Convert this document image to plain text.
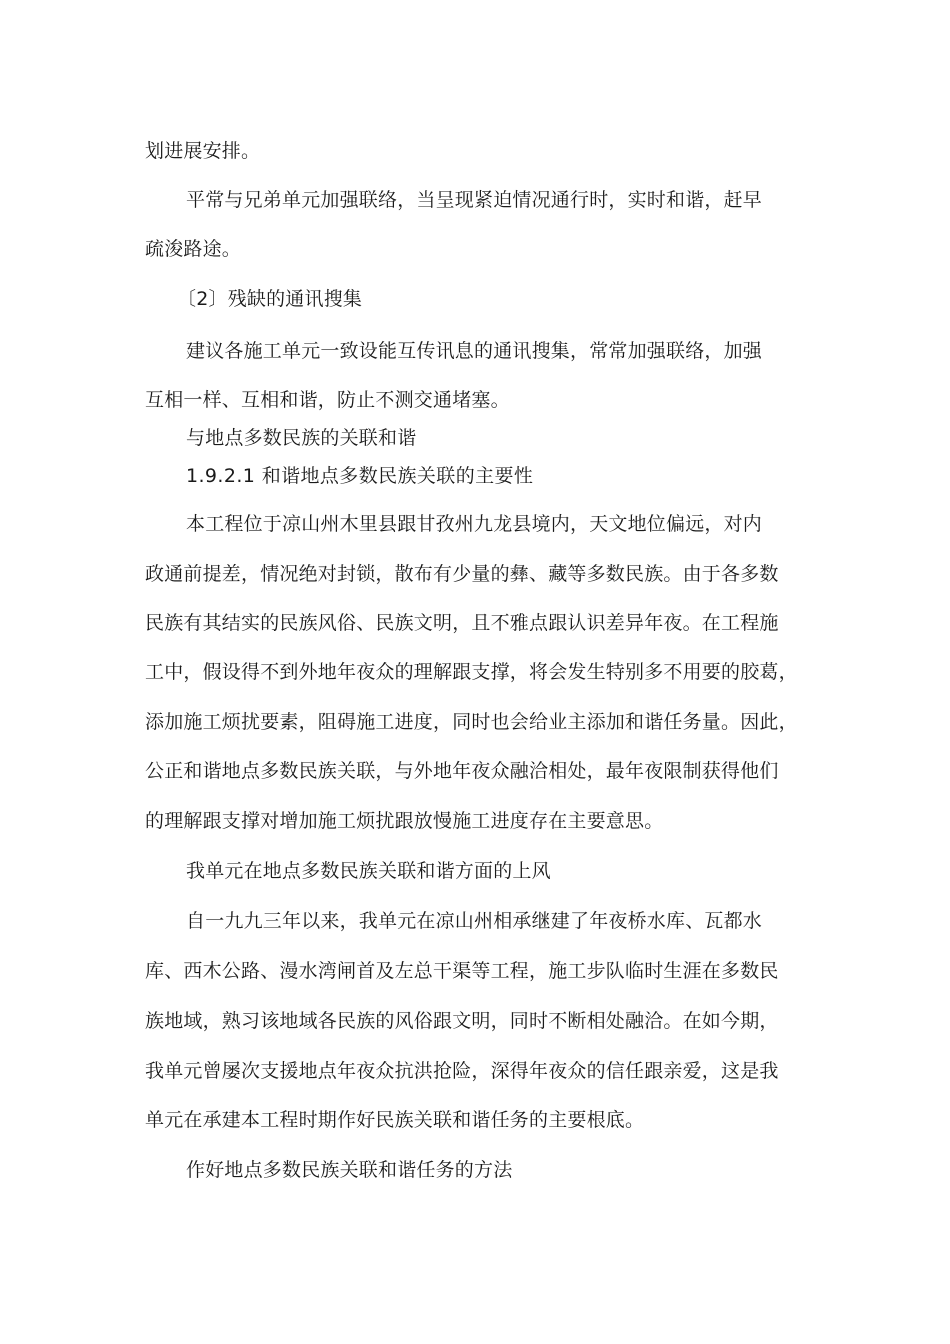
划进展安排。
平常与兄弟单元加强联络，当呈现紧迫情况通行时，实时和谐，赶早
疏浚路途。
〔2〕残缺的通讯搜集
建议各施工单元一致设能互传讯息的通讯搜集，常常加强联络，加强
互相一样、互相和谐，防止不测交通堵塞。
与地点多数民族的关联和谐
1.9.2.1 和谐地点多数民族关联的主要性
本工程位于凉山州木里县跟甘孜州九龙县境内，天文地位偏远，对内
政通前提差，情况绝对封锁，散布有少量的彝、藏等多数民族。由于各多数
民族有其结实的民族风俗、民族文明，且不雅点跟认识差异年夜。在工程施
工中，假设得不到外地年夜众的理解跟支撑，将会发生特别多不用要的胶葛，
添加施工烦扰要素，阻碍施工进度，同时也会给业主添加和谐任务量。因此，
公正和谐地点多数民族关联，与外地年夜众融洽相处，最年夜限制获得他们
的理解跟支撑对增加施工烦扰跟放慢施工进度存在主要意思。
我单元在地点多数民族关联和谐方面的上风
自一九九三年以来，我单元在凉山州相承继建了年夜桥水库、瓦都水
库、西木公路、漫水湾闸首及左总干渠等工程，施工步队临时生涯在多数民
族地域，熟习该地域各民族的风俗跟文明，同时不断相处融洽。在如今期，
我单元曾屡次支援地点年夜众抗洪抢险，深得年夜众的信任跟亲爱，这是我
单元在承建本工程时期作好民族关联和谐任务的主要根底。
作好地点多数民族关联和谐任务的方法
